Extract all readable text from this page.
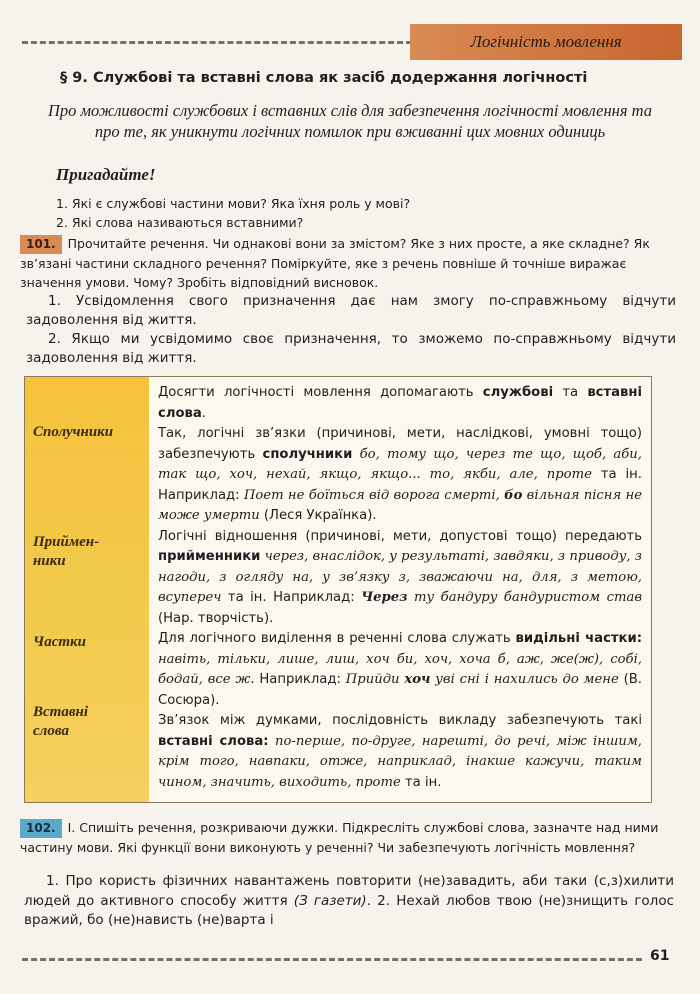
Логічність мовлення
§ 9. Службові та вставні слова як засіб додержання логічності
Про можливості службових і вставних слів для забезпечення логічності мовлення та про те, як уникнути логічних помилок при вживанні цих мовних одиниць
Пригадайте!
1. Які є службові частини мови? Яка їхня роль у мові?
2. Які слова називаються вставними?
101. Прочитайте речення. Чи однакові вони за змістом? Яке з них просте, а яке складне? Як зв’язані частини складного речення? Поміркуйте, яке з речень повніше й точніше виражає значення умови. Чому? Зробіть відповідний висновок.

1. Усвідомлення свого призначення дає нам змогу по-справжньому відчути задоволення від життя.

2. Якщо ми усвідомимо своє призначення, то зможемо по-справжньому відчути задоволення від життя.

Сполучники
Приймен-
ники
Частки
Вставні
слова

Досягти логічності мовлення допомагають службові та вставні слова.

Так, логічні зв’язки (причинові, мети, наслідкові, умовні тощо) забезпечують сполучники бо, тому що, через те що, щоб, аби, так що, хоч, нехай, якщо, якщо... то, якби, але, проте та ін. Наприклад: Поет не боїться від ворога смерті, бо вільная пісня не може умерти (Леся Українка).

Логічні відношення (причинові, мети, допустові тощо) передають прийменники через, внаслідок, у результаті, завдяки, з приводу, з нагоди, з огляду на, у зв’язку з, зважаючи на, для, з метою, всупереч та ін. Наприклад: Через ту бандуру бандуристом став (Нар. творчість).

Для логічного виділення в реченні слова служать видільні частки: навіть, тільки, лише, лиш, хоч би, хоч, хоча б, аж, же(ж), собі, бодай, все ж. Наприклад: Прийди хоч уві сні і нахились до мене (В. Сосюра).

Зв’язок між думками, послідовність викладу забезпечують такі вставні слова: по-перше, по-друге, нарешті, до речі, між іншим, крім того, навпаки, отже, наприклад, інакше кажучи, таким чином, значить, виходить, проте та ін.

102. І. Спишіть речення, розкриваючи дужки. Підкресліть службові слова, зазначте над ними частину мови. Які функції вони виконують у реченні? Чи забезпечують логічність мовлення?

1. Про користь фізичних навантажень повторити (не)завадить, аби таки (с,з)хилити людей до активного способу життя (З газети). 2. Нехай любов твою (не)знищить голос вражий, бо (не)нависть (не)варта і

61
